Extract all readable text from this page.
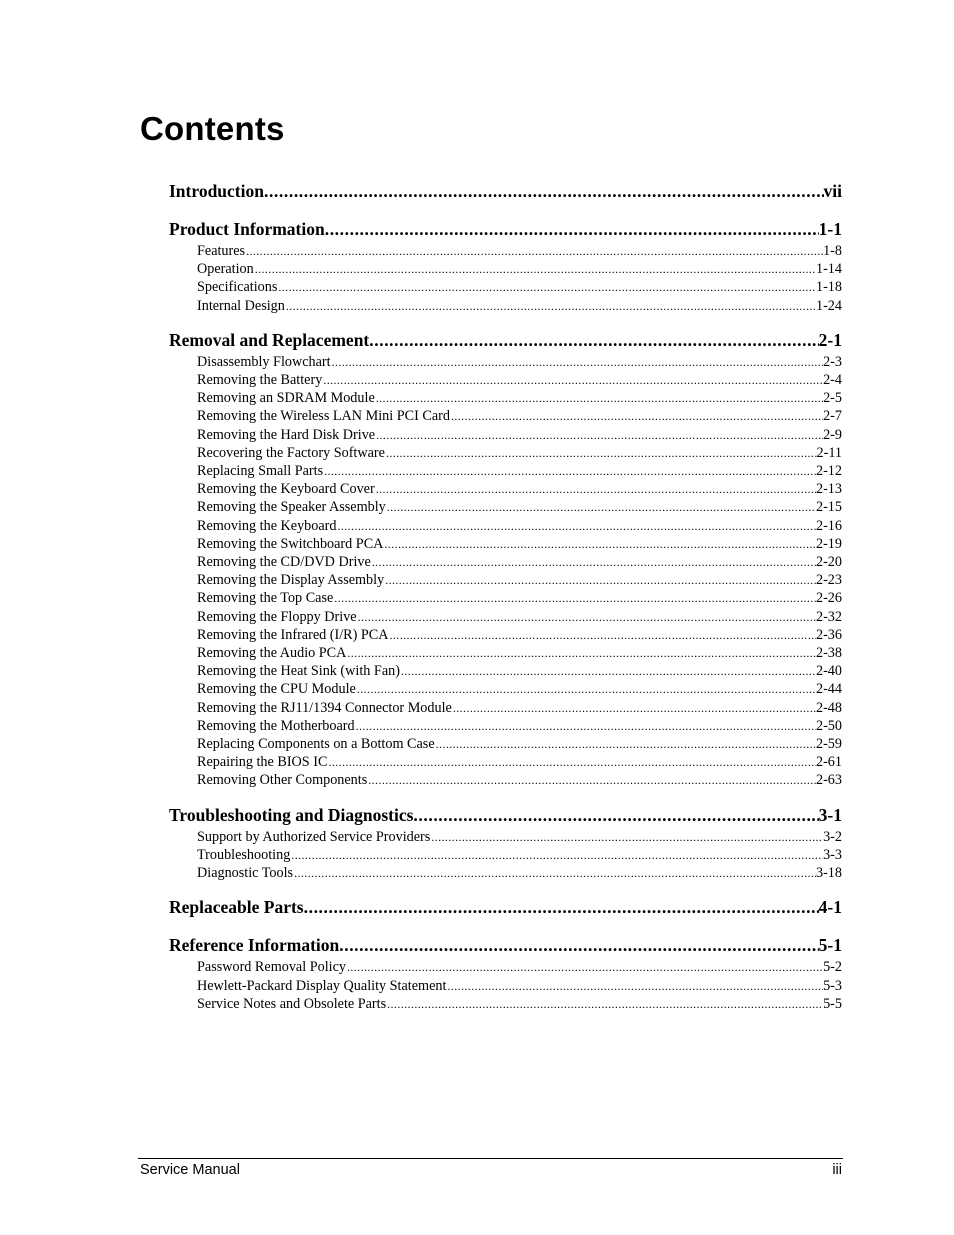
Contents
Introduction .....	vii
Product Information .....	1-1
Features .....	1-8
Operation .....	1-14
Specifications .....	1-18
Internal Design .....	1-24
Removal and Replacement .....	2-1
Disassembly Flowchart .....	2-3
Removing the Battery .....	2-4
Removing an SDRAM Module .....	2-5
Removing the Wireless LAN Mini PCI Card .....	2-7
Removing the Hard Disk Drive .....	2-9
Recovering the Factory Software .....	2-11
Replacing Small Parts .....	2-12
Removing the Keyboard Cover .....	2-13
Removing the Speaker Assembly .....	2-15
Removing the Keyboard .....	2-16
Removing the Switchboard PCA .....	2-19
Removing the CD/DVD Drive .....	2-20
Removing the Display Assembly .....	2-23
Removing the Top Case .....	2-26
Removing the Floppy Drive .....	2-32
Removing the Infrared (I/R) PCA .....	2-36
Removing the Audio PCA .....	2-38
Removing the Heat Sink (with Fan) .....	2-40
Removing the CPU Module .....	2-44
Removing the RJ11/1394 Connector Module .....	2-48
Removing the Motherboard .....	2-50
Replacing Components on a Bottom Case .....	2-59
Repairing the BIOS IC .....	2-61
Removing Other Components .....	2-63
Troubleshooting and Diagnostics .....	3-1
Support by Authorized Service Providers .....	3-2
Troubleshooting .....	3-3
Diagnostic Tools .....	3-18
Replaceable Parts .....	4-1
Reference Information .....	5-1
Password Removal Policy .....	5-2
Hewlett-Packard Display Quality Statement .....	5-3
Service Notes and Obsolete Parts .....	5-5
Service Manual	iii
